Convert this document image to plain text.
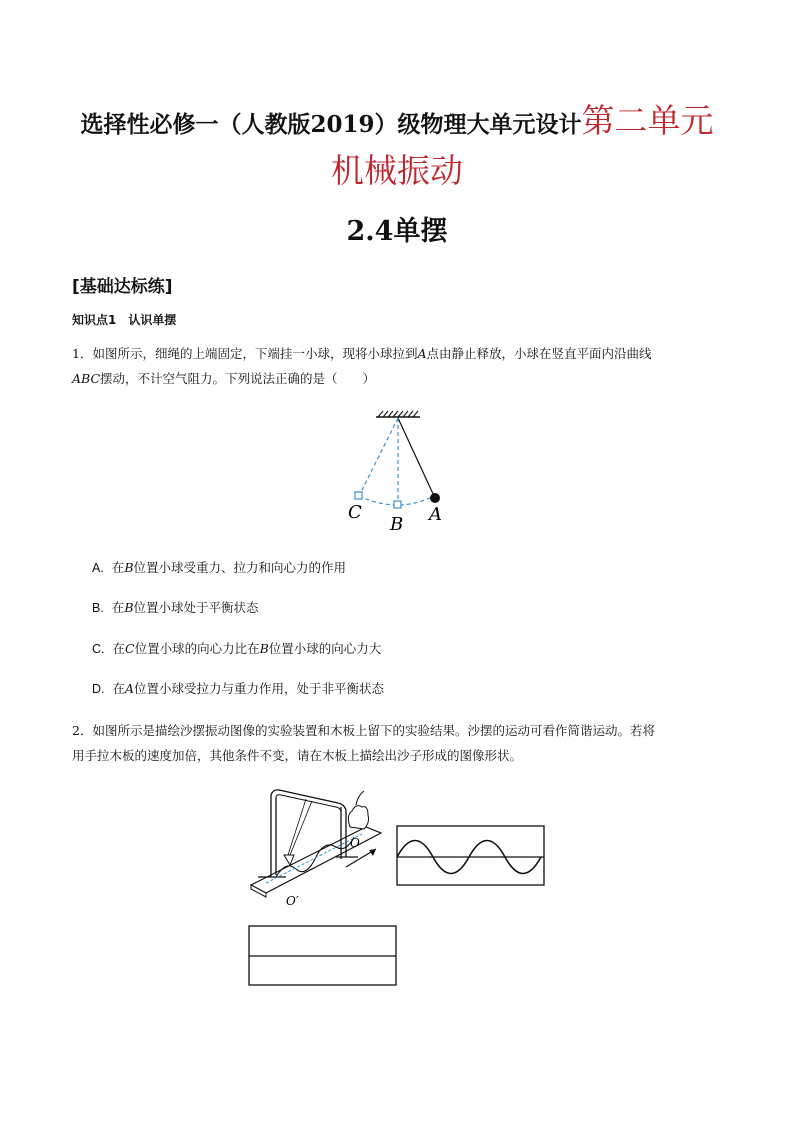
选择性必修一（人教版2019）级物理大单元设计第二单元
机械振动
2.4单摆
[基础达标练]
知识点1　认识单摆
1．如图所示，细绳的上端固定，下端挂一小球，现将小球拉到A点由静止释放，小球在竖直平面内沿曲线
ABC摆动，不计空气阻力。下列说法正确的是（　　）
C
B A
A. 在B位置小球受重力、拉力和向心力的作用
B. 在B位置小球处于平衡状态
C. 在C位置小球的向心力比在B位置小球的向心力大
D. 在A位置小球受拉力与重力作用，处于非平衡状态
2．如图所示是描绘沙摆振动图像的实验装置和木板上留下的实验结果。沙摆的运动可看作简谐运动。若将
用手拉木板的速度加倍，其他条件不变，请在木板上描绘出沙子形成的图像形状。
O
O′
